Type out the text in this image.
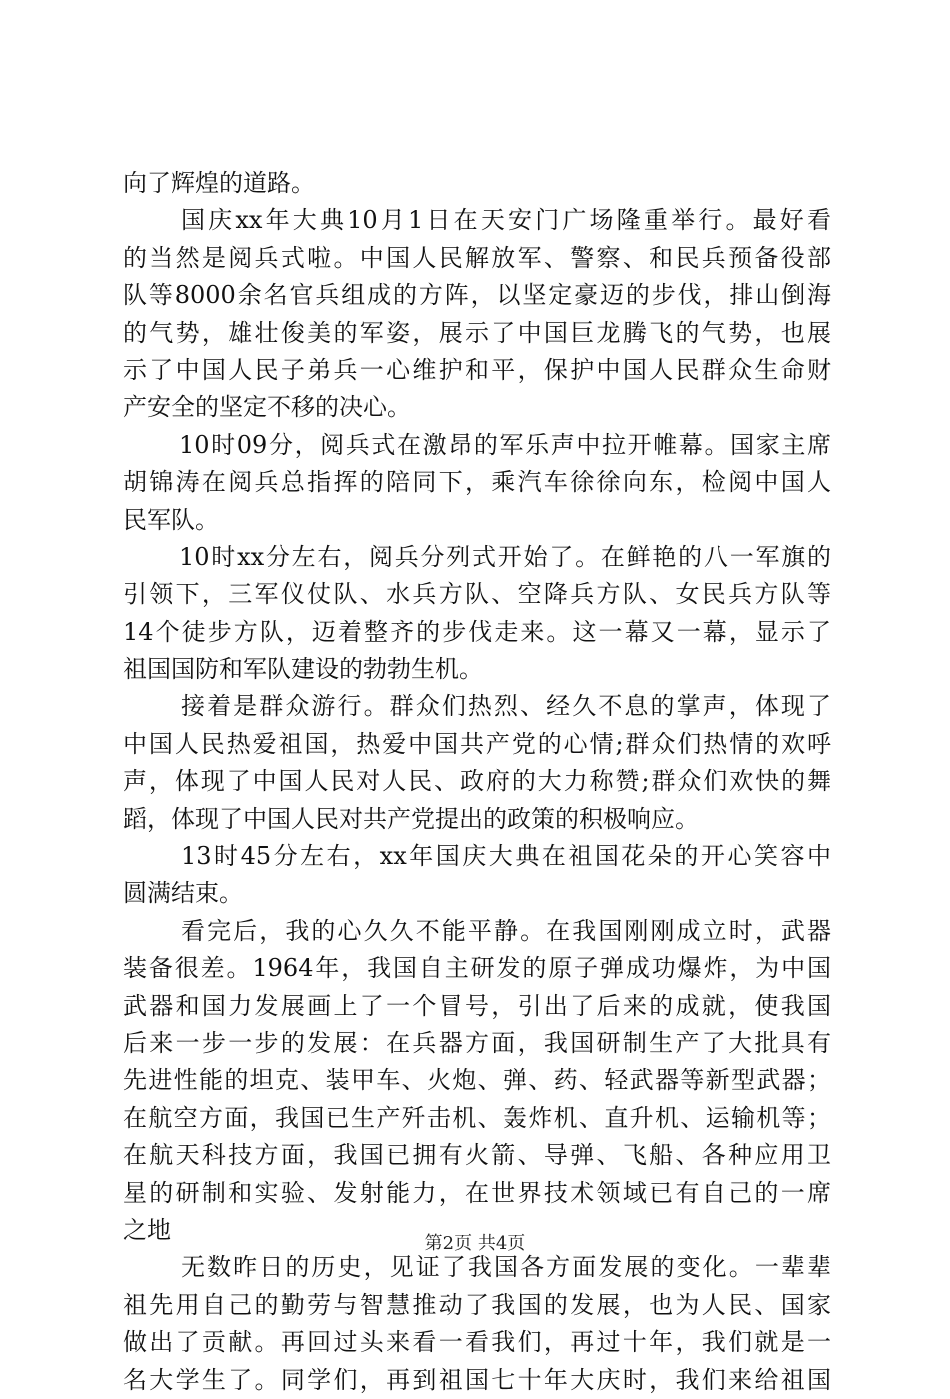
向了辉煌的道路。
国庆xx年大典10月1日在天安门广场隆重举行。最好看
的当然是阅兵式啦。中国人民解放军、警察、和民兵预备役部
队等8000余名官兵组成的方阵，以坚定豪迈的步伐，排山倒海
的气势，雄壮俊美的军姿，展示了中国巨龙腾飞的气势，也展
示了中国人民子弟兵一心维护和平，保护中国人民群众生命财
产安全的坚定不移的决心。
10时09分，阅兵式在激昂的军乐声中拉开帷幕。国家主席
胡锦涛在阅兵总指挥的陪同下，乘汽车徐徐向东，检阅中国人
民军队。
10时xx分左右，阅兵分列式开始了。在鲜艳的八一军旗的
引领下，三军仪仗队、水兵方队、空降兵方队、女民兵方队等
14个徒步方队，迈着整齐的步伐走来。这一幕又一幕，显示了
祖国国防和军队建设的勃勃生机。
接着是群众游行。群众们热烈、经久不息的掌声，体现了
中国人民热爱祖国，热爱中国共产党的心情;群众们热情的欢呼
声，体现了中国人民对人民、政府的大力称赞;群众们欢快的舞
蹈，体现了中国人民对共产党提出的政策的积极响应。
13时45分左右，xx年国庆大典在祖国花朵的开心笑容中
圆满结束。
看完后，我的心久久不能平静。在我国刚刚成立时，武器
装备很差。1964年，我国自主研发的原子弹成功爆炸，为中国
武器和国力发展画上了一个冒号，引出了后来的成就，使我国
后来一步一步的发展：在兵器方面，我国研制生产了大批具有
先进性能的坦克、装甲车、火炮、弹、药、轻武器等新型武器；
在航空方面，我国已生产歼击机、轰炸机、直升机、运输机等；
在航天科技方面，我国已拥有火箭、导弹、飞船、各种应用卫
星的研制和实验、发射能力，在世界技术领域已有自己的一席
之地
无数昨日的历史，见证了我国各方面发展的变化。一辈辈
祖先用自己的勤劳与智慧推动了我国的发展，也为人民、国家
做出了贡献。再回过头来看一看我们，再过十年，我们就是一
名大学生了。同学们，再到祖国七十年大庆时，我们来给祖国
第2页 共4页
